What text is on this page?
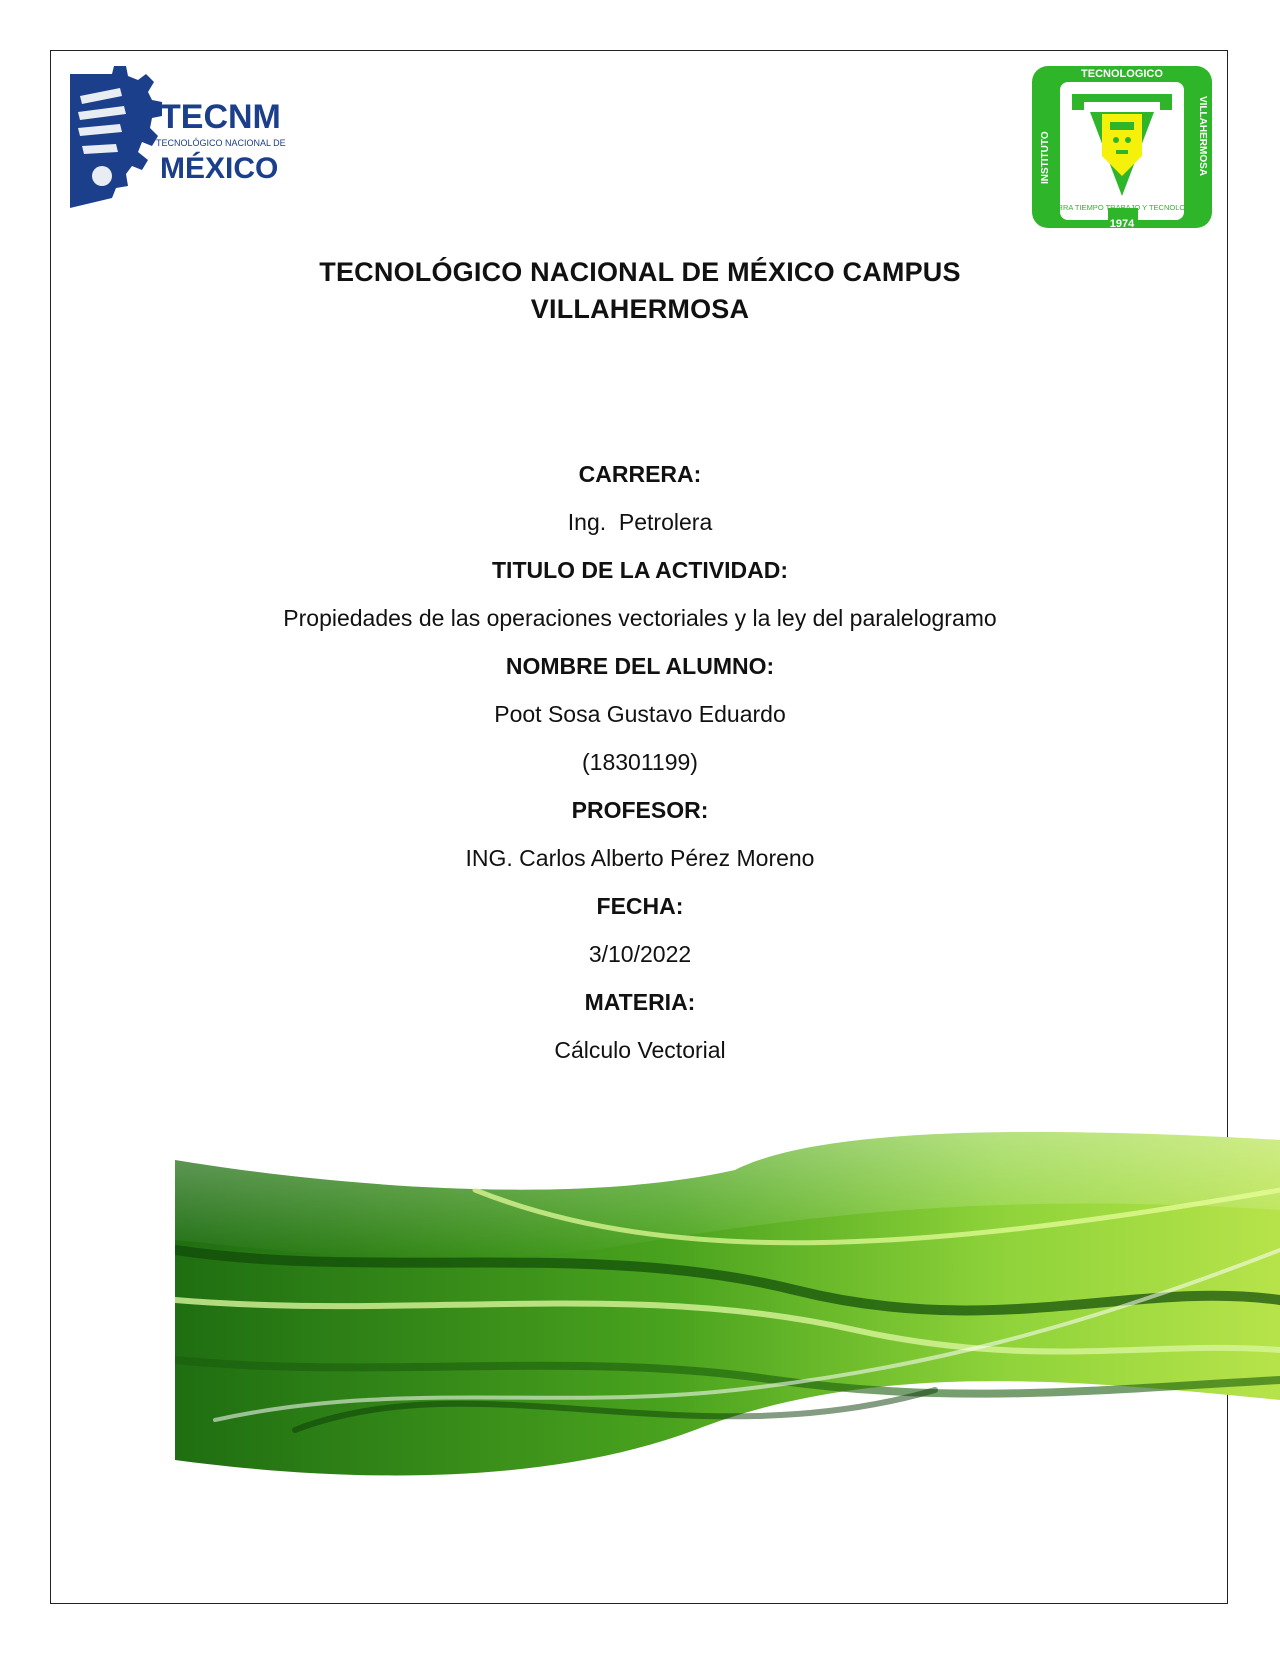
TECNM
TECNOLÓGICO NACIONAL DE
MÉXICO
TECNOLOGICO
INSTITUTO	VILLAHERMOSA
1974
TIERRA TIEMPO TRABAJO Y TECNOLOGIA
TECNOLÓGICO NACIONAL DE MÉXICO CAMPUS
VILLAHERMOSA
CARRERA:
Ing.  Petrolera
TITULO DE LA ACTIVIDAD:
Propiedades de las operaciones vectoriales y la ley del paralelogramo
NOMBRE DEL ALUMNO:
Poot Sosa Gustavo Eduardo
(18301199)
PROFESOR:
ING. Carlos Alberto Pérez Moreno
FECHA:
3/10/2022
MATERIA:
Cálculo Vectorial
